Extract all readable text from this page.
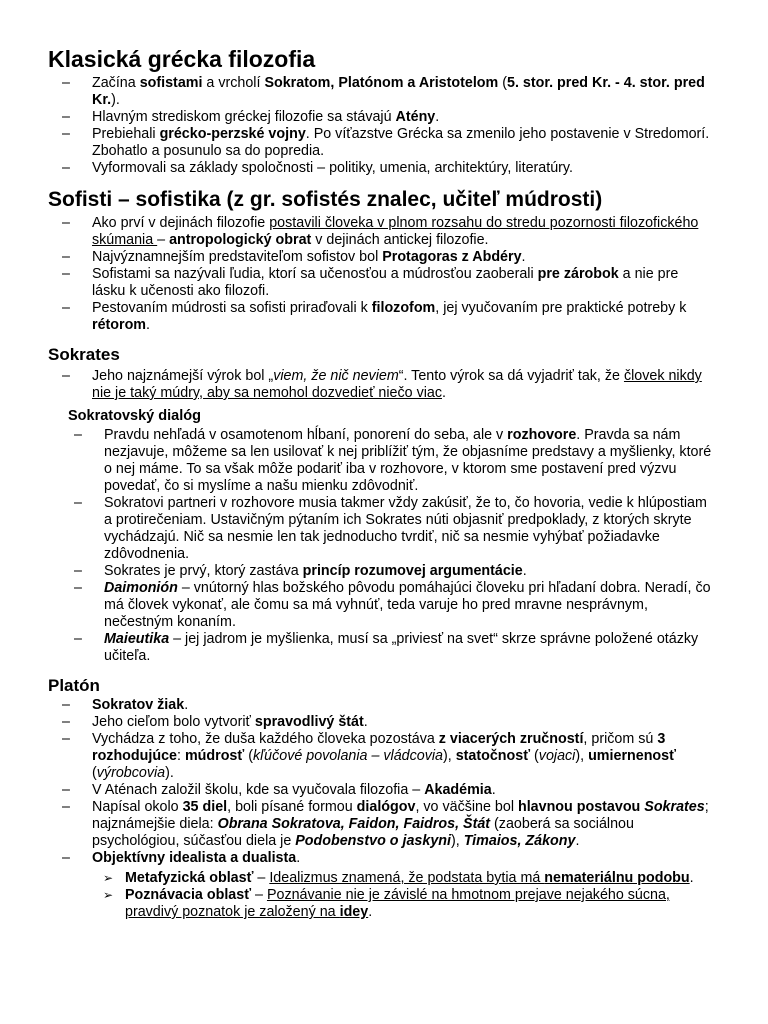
Klasická grécka filozofia
– Začína sofistami a vrcholí Sokratom, Platónom a Aristotelom (5. stor. pred Kr. - 4. stor. pred Kr.).
– Hlavným strediskom gréckej filozofie sa stávajú Atény.
– Prebiehali grécko-perzské vojny. Po víťazstve Grécka sa zmenilo jeho postavenie v Stredomorí. Zbohatlo a posunulo sa do popredia.
– Vyformovali sa základy spoločnosti – politiky, umenia, architektúry, literatúry.
Sofisti – sofistika (z gr. sofistés znalec, učiteľ múdrosti)
– Ako prví v dejinách filozofie postavili človeka v plnom rozsahu do stredu pozornosti filozofického skúmania – antropologický obrat v dejinách antickej filozofie.
– Najvýznamnejším predstaviteľom sofistov bol Protagoras z Abdéry.
– Sofistami sa nazývali ľudia, ktorí sa učenosťou a múdrosťou zaoberali pre zárobok a nie pre lásku k učenosti ako filozofi.
– Pestovaním múdrosti sa sofisti priraďovali k filozofom, jej vyučovaním pre praktické potreby k rétorom.
Sokrates
– Jeho najznámejší výrok bol „viem, že nič neviem“. Tento výrok sa dá vyjadriť tak, že človek nikdy nie je taký múdry, aby sa nemohol dozvedieť niečo viac.
Sokratovský dialóg
– Pravdu nehľadá v osamotenom hĺbaní, ponorení do seba, ale v rozhovore. Pravda sa nám nezjavuje, môžeme sa len usilovať k nej priblížiť tým, že objasníme predstavy a myšlienky, ktoré o nej máme. To sa však môže podariť iba v rozhovore, v ktorom sme postavení pred výzvu povedať, čo si myslíme a našu mienku zdôvodniť.
– Sokratovi partneri v rozhovore musia takmer vždy zakúsiť, že to, čo hovoria, vedie k hlúpostiam a protirečeniam. Ustavičným pýtaním ich Sokrates núti objasniť predpoklady, z ktorých skryte vychádzajú. Nič sa nesmie len tak jednoducho tvrdiť, nič sa nesmie vyhýbať požiadavke zdôvodnenia.
– Sokrates je prvý, ktorý zastáva princíp rozumovej argumentácie.
– Daimonión – vnútorný hlas božského pôvodu pomáhajúci človeku pri hľadaní dobra. Neradí, čo má človek vykonať, ale čomu sa má vyhnúť, teda varuje ho pred mravne nesprávnym, nečestným konaním.
– Maieutika – jej jadrom je myšlienka, musí sa „priviesť na svet“ skrze správne položené otázky učiteľa.
Platón
– Sokratov žiak.
– Jeho cieľom bolo vytvoriť spravodlivý štát.
– Vychádza z toho, že duša každého človeka pozostáva z viacerých zručností, pričom sú 3 rozhodujúce: múdrosť (kľúčové povolania – vládcovia), statočnosť (vojaci), umiernenosť (výrobcovia).
– V Aténach založil školu, kde sa vyučovala filozofia – Akadémia.
– Napísal okolo 35 diel, boli písané formou dialógov, vo väčšine bol hlavnou postavou Sokrates; najznámejšie diela: Obrana Sokratova, Faidon, Faidros, Štát (zaoberá sa sociálnou psychológiou, súčasťou diela je Podobenstvo o jaskyni), Timaios, Zákony.
– Objektívny idealista a dualista.
➢ Metafyzická oblasť – Idealizmus znamená, že podstata bytia má nemateriálnu podobu.
➢ Poznávacia oblasť – Poznávanie nie je závislé na hmotnom prejave nejakého súcna, pravdivý poznatok je založený na idey.
